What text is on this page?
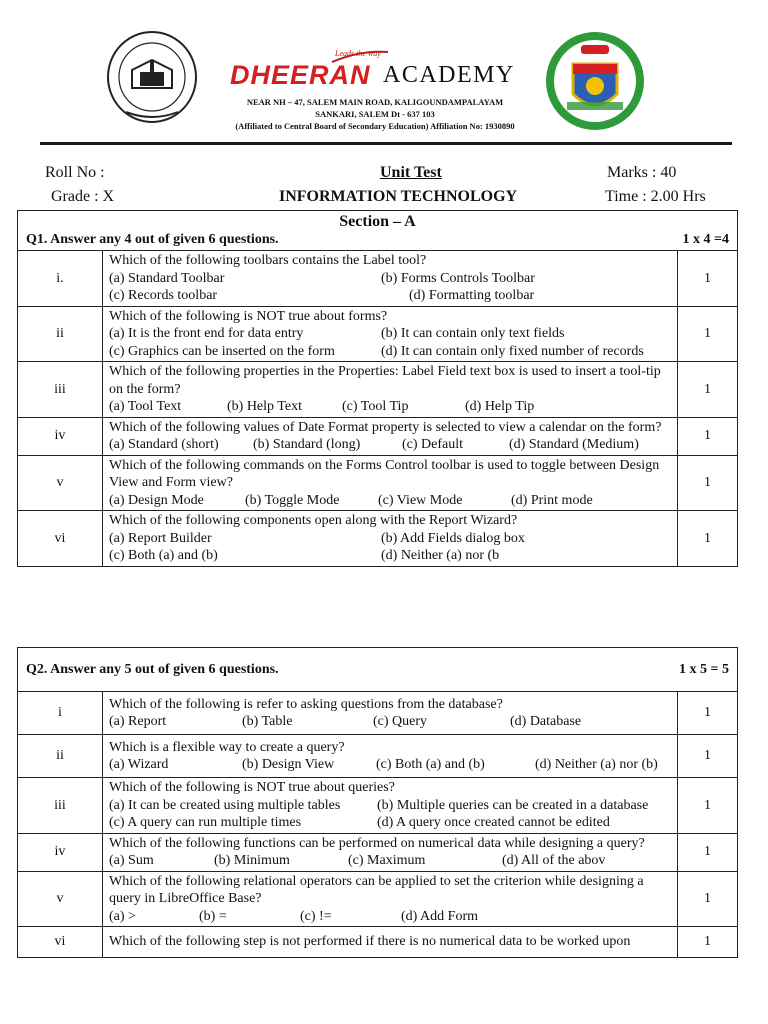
Leads the way
DHEERAN ACADEMY
NEAR NH – 47, SALEM MAIN ROAD, KALIGOUNDAMPALAYAM
SANKARI, SALEM Dt - 637 103
(Affiliated to Central Board of Secondary Education) Affiliation No: 1930890
Roll No :
Grade : X
Unit Test
INFORMATION TECHNOLOGY
Marks : 40
Time : 2.00 Hrs
Section – A
Q1. Answer any 4 out of given 6 questions. 1 x 4 =4		

i.	Which of the following toolbars contains the Label tool?
(a) Standard Toolbar (b) Forms Controls Toolbar
(c) Records toolbar (d) Formatting toolbar	1
ii	Which of the following is NOT true about forms?
(a) It is the front end for data entry (b) It can contain only text fields
(c) Graphics can be inserted on the form (d) It can contain only fixed number of records	1
iii	Which of the following properties in the Properties: Label Field text box is used to insert a tool-tip on the form?
(a) Tool Text (b) Help Text (c) Tool Tip (d) Help Tip	1
iv	Which of the following values of Date Format property is selected to view a calendar on the form?
(a) Standard (short) (b) Standard (long) (c) Default (d) Standard (Medium)	1
v	Which of the following commands on the Forms Control toolbar is used to toggle between Design View and Form view?
(a) Design Mode (b) Toggle Mode (c) View Mode (d) Print mode	1
vi	Which of the following components open along with the Report Wizard?
(a) Report Builder (b) Add Fields dialog box
(c) Both (a) and (b) (d) Neither (a) nor (b	1
Q2. Answer any 5 out of given 6 questions. 1 x 5 = 5		

i	Which of the following is refer to asking questions from the database?
(a) Report (b) Table (c) Query (d) Database	1
ii	Which is a flexible way to create a query?
(a) Wizard (b) Design View (c) Both (a) and (b) (d) Neither (a) nor (b)	1
iii	Which of the following is NOT true about queries?
(a) It can be created using multiple tables (b) Multiple queries can be created in a database
(c) A query can run multiple times (d) A query once created cannot be edited	1
iv	Which of the following functions can be performed on numerical data while designing a query?
(a) Sum (b) Minimum (c) Maximum (d) All of the abov	1
v	Which of the following relational operators can be applied to set the criterion while designing a query in LibreOffice Base?
(a) > (b) = (c) != (d) Add Form	1
vi	Which of the following step is not performed if there is no numerical data to be worked upon	1
